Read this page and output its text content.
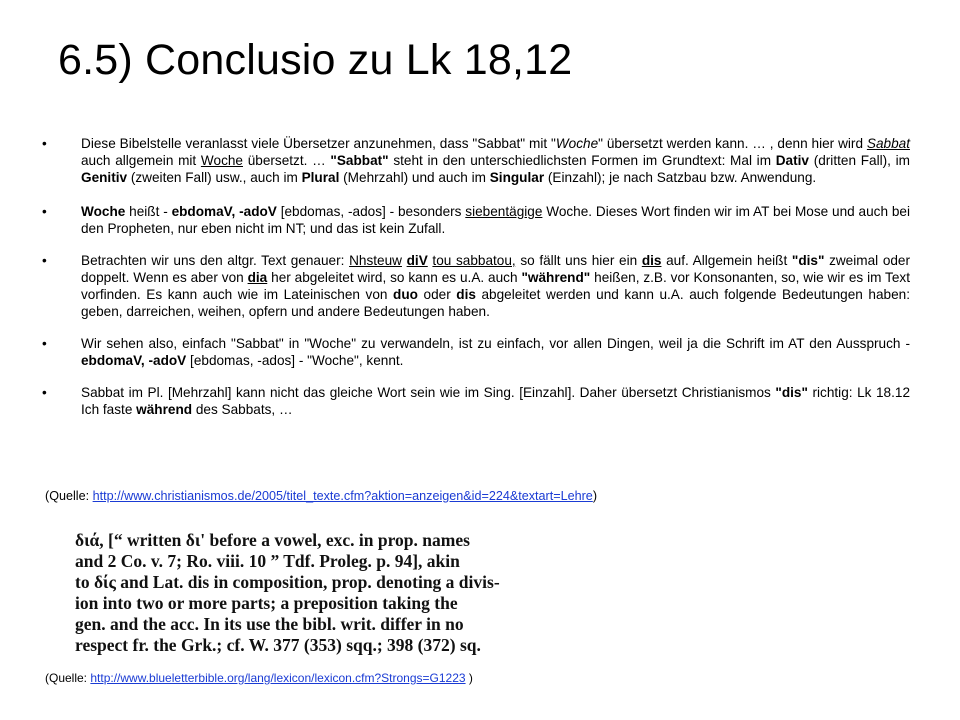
6.5) Conclusio zu Lk 18,12
•	Diese Bibelstelle veranlasst viele Übersetzer anzunehmen, dass "Sabbat" mit "Woche" übersetzt werden kann. … , denn hier wird Sabbat auch allgemein mit Woche übersetzt. … "Sabbat" steht in den unterschiedlichsten Formen im Grundtext: Mal im Dativ (dritten Fall), im Genitiv (zweiten Fall) usw., auch im Plural (Mehrzahl) und auch im Singular (Einzahl); je nach Satzbau bzw. Anwendung.
•	Woche heißt - ebdomaV, -adoV [ebdomas, -ados] - besonders siebentägige Woche. Dieses Wort finden wir im AT bei Mose und auch bei den Propheten, nur eben nicht im NT; und das ist kein Zufall.
•	Betrachten wir uns den altgr. Text genauer: Nhsteuw diV tou sabbatou, so fällt uns hier ein dis auf. Allgemein heißt "dis" zweimal oder doppelt. Wenn es aber von dia her abgeleitet wird, so kann es u.A. auch "während" heißen, z.B. vor Konsonanten, so, wie wir es im Text vorfinden. Es kann auch wie im Lateinischen von duo oder dis abgeleitet werden und kann u.A. auch folgende Bedeutungen haben: geben, darreichen, weihen, opfern und andere Bedeutungen haben.
•	Wir sehen also, einfach "Sabbat" in "Woche" zu verwandeln, ist zu einfach, vor allen Dingen, weil ja die Schrift im AT den Ausspruch - ebdomaV, -adoV [ebdomas, -ados] - "Woche", kennt.
•	Sabbat im Pl. [Mehrzahl] kann nicht das gleiche Wort sein wie im Sing. [Einzahl]. Daher übersetzt Christianismos "dis" richtig: Lk 18.12 Ich faste während des Sabbats, …
(Quelle: http://www.christianismos.de/2005/titel_texte.cfm?aktion=anzeigen&id=224&textart=Lehre)
διά, [“ written δι' before a vowel, exc. in prop. names
and 2 Co. v. 7; Ro. viii. 10 ” Tdf. Proleg. p. 94], akin
to δίς and Lat. dis in composition, prop. denoting a divis-
ion into two or more parts; a preposition taking the
gen. and the acc. In its use the bibl. writ. differ in no
respect fr. the Grk.; cf. W. 377 (353) sqq.; 398 (372) sq.
(Quelle: http://www.blueletterbible.org/lang/lexicon/lexicon.cfm?Strongs=G1223 )
